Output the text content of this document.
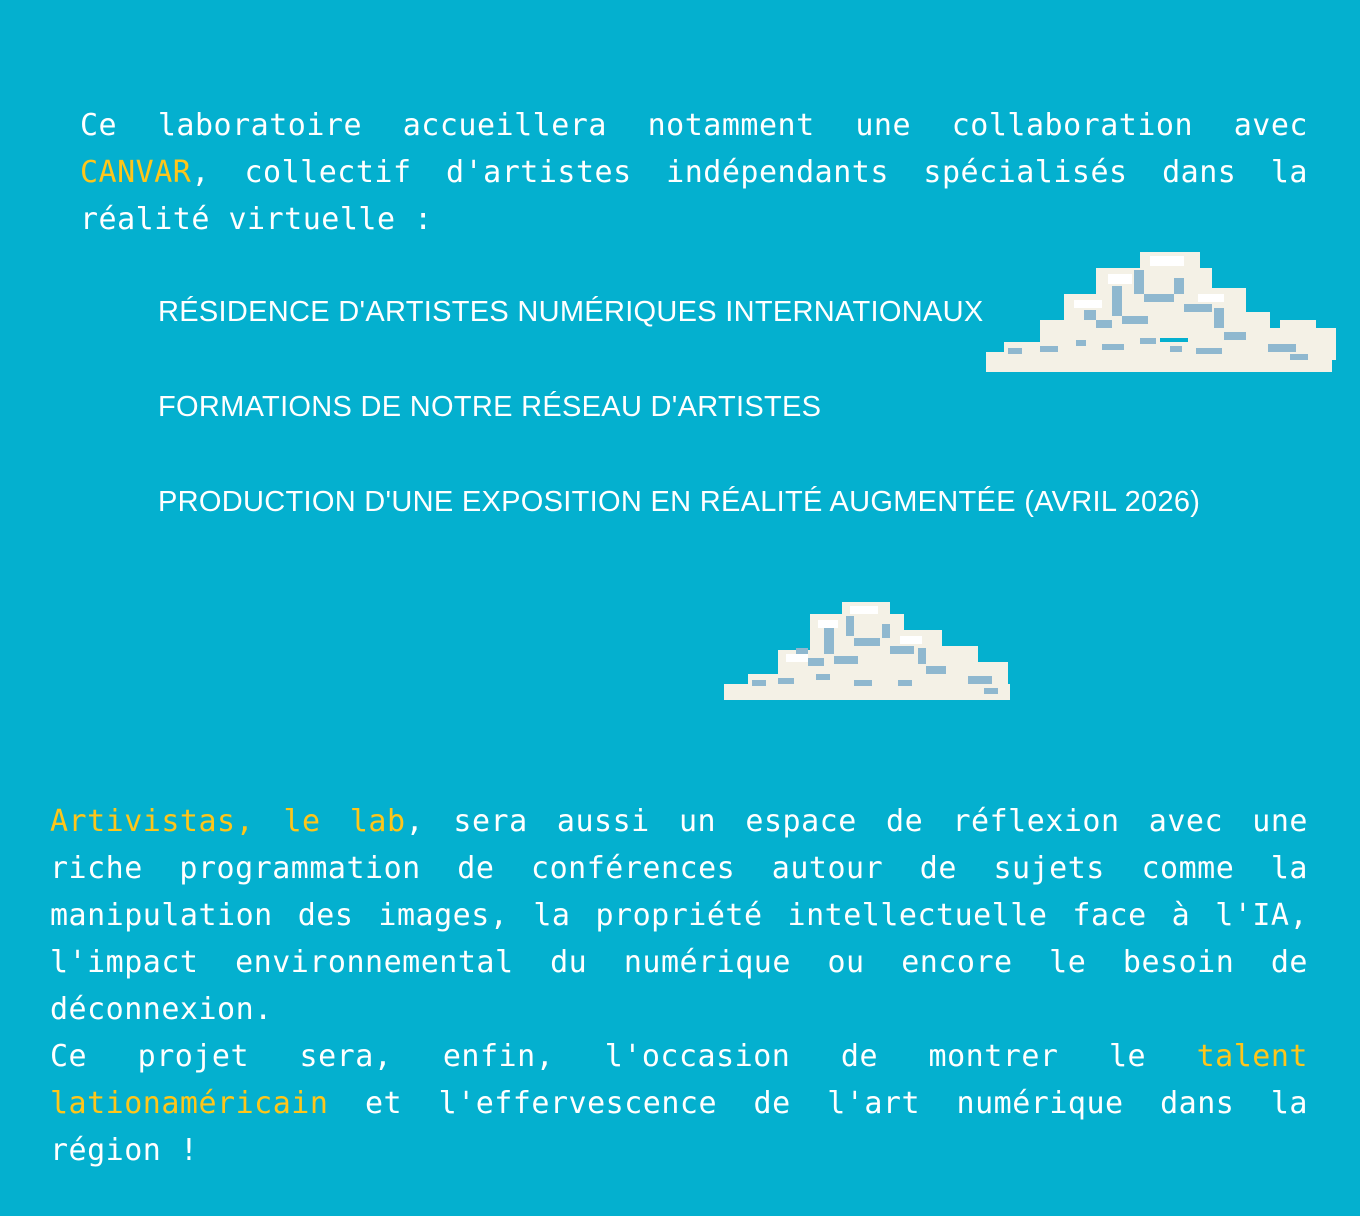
Ce laboratoire accueillera notamment une collaboration avec CANVAR, collectif d'artistes indépendants spécialisés dans la réalité virtuelle :

RÉSIDENCE D'ARTISTES NUMÉRIQUES INTERNATIONAUX
FORMATIONS DE NOTRE RÉSEAU D'ARTISTES
PRODUCTION D'UNE EXPOSITION EN RÉALITÉ AUGMENTÉE (AVRIL 2026)

Artivistas, le lab, sera aussi un espace de réflexion avec une riche programmation de conférences autour de sujets comme la manipulation des images, la propriété intellectuelle face à l'IA, l'impact environnemental du numérique ou encore le besoin de déconnexion.

Ce projet sera, enfin, l'occasion de montrer le talent lationaméricain et l'effervescence de l'art numérique dans la région !
